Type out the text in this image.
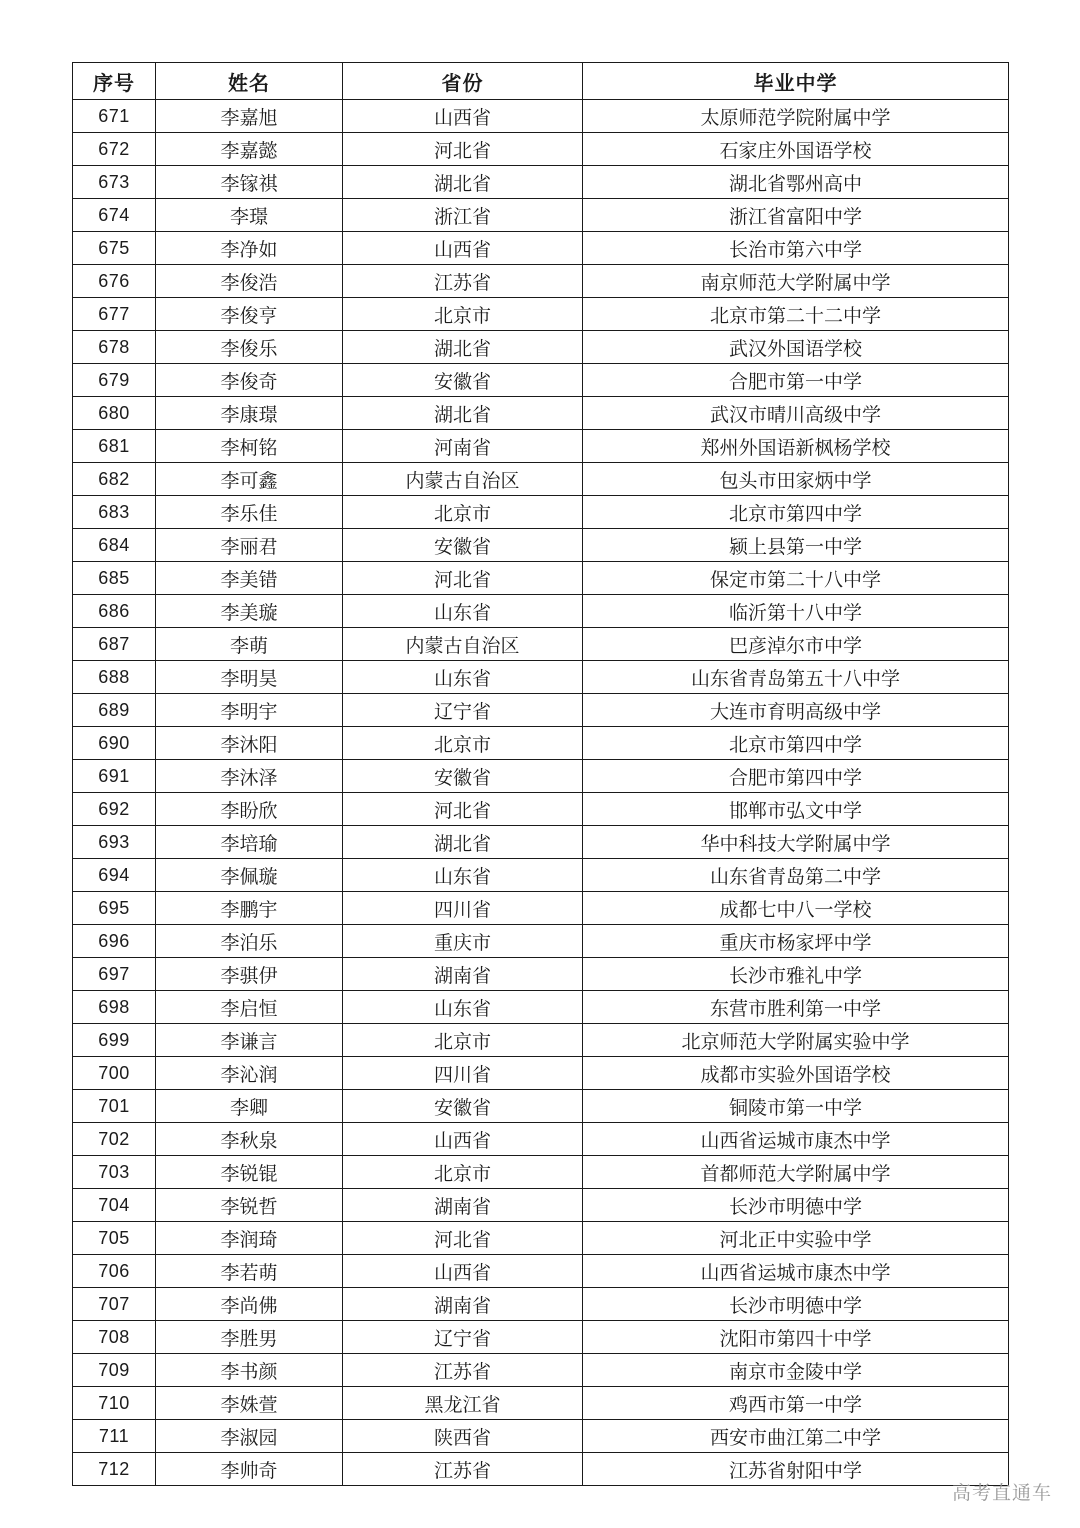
序号	姓名	省份	毕业中学
671	李嘉旭	山西省	太原师范学院附属中学
672	李嘉懿	河北省	石家庄外国语学校
673	李镓祺	湖北省	湖北省鄂州高中
674	李璟	浙江省	浙江省富阳中学
675	李净如	山西省	长治市第六中学
676	李俊浩	江苏省	南京师范大学附属中学
677	李俊亨	北京市	北京市第二十二中学
678	李俊乐	湖北省	武汉外国语学校
679	李俊奇	安徽省	合肥市第一中学
680	李康璟	湖北省	武汉市晴川高级中学
681	李柯铭	河南省	郑州外国语新枫杨学校
682	李可鑫	内蒙古自治区	包头市田家炳中学
683	李乐佳	北京市	北京市第四中学
684	李丽君	安徽省	颍上县第一中学
685	李美错	河北省	保定市第二十八中学
686	李美璇	山东省	临沂第十八中学
687	李萌	内蒙古自治区	巴彦淖尔市中学
688	李明昊	山东省	山东省青岛第五十八中学
689	李明宇	辽宁省	大连市育明高级中学
690	李沐阳	北京市	北京市第四中学
691	李沐泽	安徽省	合肥市第四中学
692	李盼欣	河北省	邯郸市弘文中学
693	李培瑜	湖北省	华中科技大学附属中学
694	李佩璇	山东省	山东省青岛第二中学
695	李鹏宇	四川省	成都七中八一学校
696	李泊乐	重庆市	重庆市杨家坪中学
697	李骐伊	湖南省	长沙市雅礼中学
698	李启恒	山东省	东营市胜利第一中学
699	李谦言	北京市	北京师范大学附属实验中学
700	李沁润	四川省	成都市实验外国语学校
701	李卿	安徽省	铜陵市第一中学
702	李秋泉	山西省	山西省运城市康杰中学
703	李锐锟	北京市	首都师范大学附属中学
704	李锐哲	湖南省	长沙市明德中学
705	李润琦	河北省	河北正中实验中学
706	李若萌	山西省	山西省运城市康杰中学
707	李尚佛	湖南省	长沙市明德中学
708	李胜男	辽宁省	沈阳市第四十中学
709	李书颜	江苏省	南京市金陵中学
710	李姝萱	黑龙江省	鸡西市第一中学
711	李淑园	陕西省	西安市曲江第二中学
712	李帅奇	江苏省	江苏省射阳中学
高考直通车
